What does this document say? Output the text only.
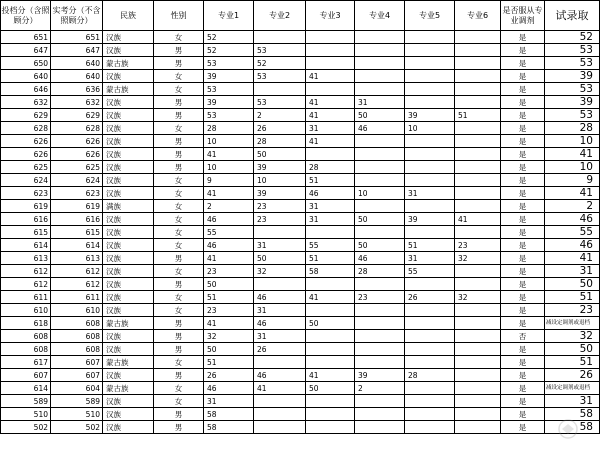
投档分（含照顾分）	实考分（不含照顾分）	民族	性别	专业1	专业2	专业3	专业4	专业5	专业6	是否服从专业调剂	试录取
651	651	汉族	女	52						是	52
647	647	汉族	男	52	53					是	53
650	640	蒙古族	男	53	52					是	53
640	640	汉族	女	39	53	41				是	39
646	636	蒙古族	女	53						是	53
632	632	汉族	男	39	53	41	31			是	39
629	629	汉族	男	53	2	41	50	39	51	是	53
628	628	汉族	女	28	26	31	46	10		是	28
626	626	汉族	男	10	28	41				是	10
626	626	汉族	男	41	50					是	41
625	625	汉族	男	10	39	28				是	10
624	624	汉族	女	9	10	51				是	9
623	623	汉族	女	41	39	46	10	31		是	41
619	619	满族	女	2	23	31				是	2
616	616	汉族	女	46	23	31	50	39	41	是	46
615	615	汉族	女	55						是	55
614	614	汉族	女	46	31	55	50	51	23	是	46
613	613	汉族	男	41	50	51	46	31	32	是	41
612	612	汉族	女	23	32	58	28	55		是	31
612	612	汉族	男	50						是	50
611	611	汉族	女	51	46	41	23	26	32	是	51
610	610	汉族	女	23	31					是	23
618	608	蒙古族	男	41	46	50				是	减设定调剂或退档
608	608	汉族	男	32	31					否	32
608	608	汉族	男	50	26					是	50
617	607	蒙古族	女	51						是	51
607	607	汉族	男	26	46	41	39	28		是	26
614	604	蒙古族	女	46	41	50	2			是	减设定调剂或退档
589	589	汉族	女	31						是	31
510	510	汉族	男	58						是	58
502	502	汉族	男	58						是	58
